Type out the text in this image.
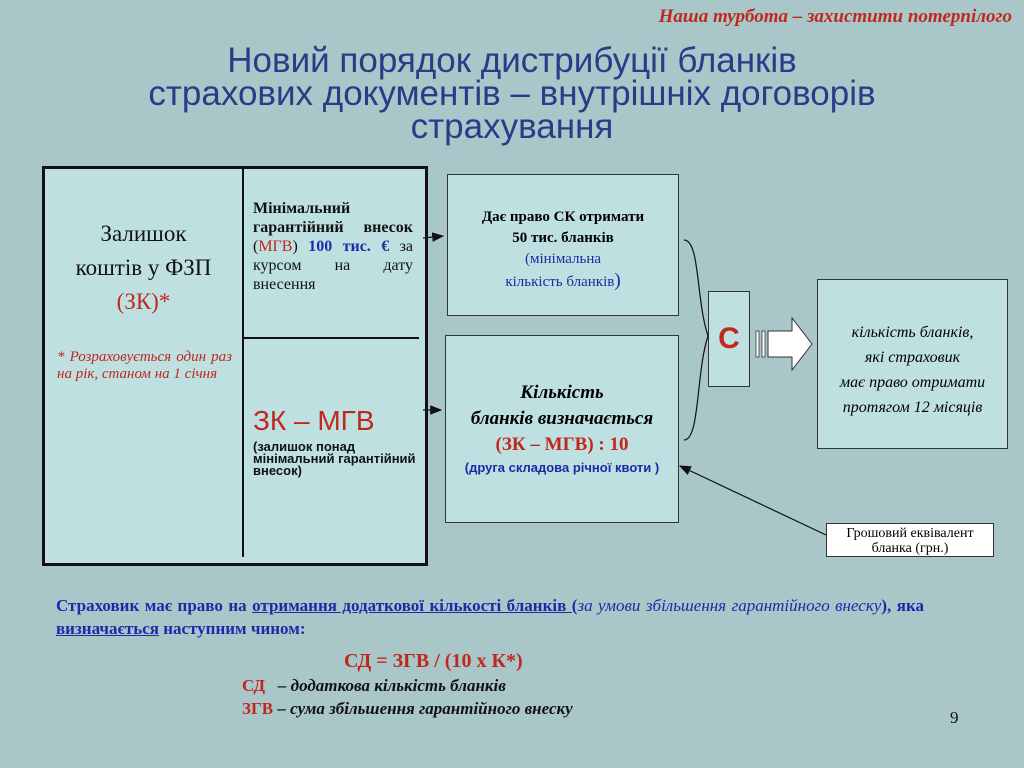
Наша турбота – захистити потерпілого
Новий порядок дистрибуції бланків
страхових документів – внутрішніх договорів
страхування
Залишок
коштів у ФЗП
(ЗК)*
* Розраховується один раз на рік, станом на 1 січня
Мінімальний гарантійний внесок (МГВ) 100 тис. € за курсом на дату внесення
ЗК – МГВ
(залишок понад мінімальний гарантійний внесок)
Дає право СК отримати
50 тис. бланків
(мінімальна
кількість бланків)
Кількість
бланків визначається
(ЗК – МГВ) : 10
(друга складова річної квоти )
С	кількість бланків,
які страховик
має право отримати
протягом 12 місяців
Грошовий еквівалент
бланка (грн.)
Страховик має право на отримання додаткової кількості бланків (за умови збільшення гарантійного внеску), яка визначається наступним чином:
СД = ЗГВ / (10 х К*)
СД   – додаткова кількість бланків
ЗГВ – сума збільшення гарантійного внеску	9
